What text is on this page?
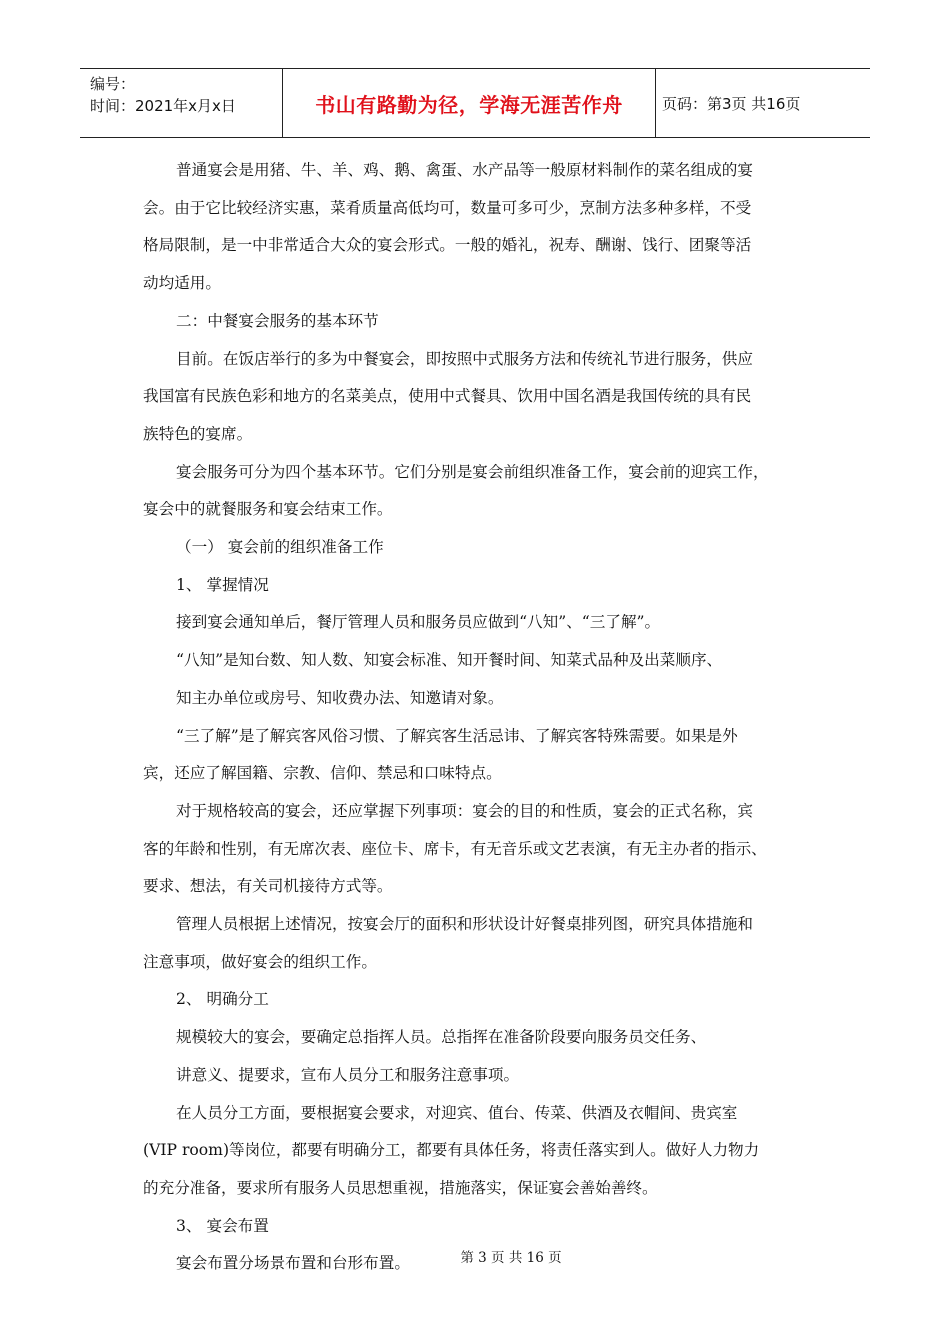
编号：
时间：2021年x月x日	书山有路勤为径，学海无涯苦作舟	页码：第3页 共16页

普通宴会是用猪、牛、羊、鸡、鹅、禽蛋、水产品等一般原材料制作的菜名组成的宴

会。由于它比较经济实惠，菜肴质量高低均可，数量可多可少，烹制方法多种多样，不受

格局限制，是一中非常适合大众的宴会形式。一般的婚礼，祝寿、酬谢、饯行、团聚等活

动均适用。

二：中餐宴会服务的基本环节

目前。在饭店举行的多为中餐宴会，即按照中式服务方法和传统礼节进行服务，供应

我国富有民族色彩和地方的名菜美点，使用中式餐具、饮用中国名酒是我国传统的具有民

族特色的宴席。

宴会服务可分为四个基本环节。它们分别是宴会前组织准备工作，宴会前的迎宾工作，

宴会中的就餐服务和宴会结束工作。

（一） 宴会前的组织准备工作

1、 掌握情况

接到宴会通知单后，餐厅管理人员和服务员应做到“八知”、“三了解”。

“八知”是知台数、知人数、知宴会标准、知开餐时间、知菜式品种及出菜顺序、

知主办单位或房号、知收费办法、知邀请对象。

“三了解”是了解宾客风俗习惯、了解宾客生活忌讳、了解宾客特殊需要。如果是外

宾，还应了解国籍、宗教、信仰、禁忌和口味特点。

对于规格较高的宴会，还应掌握下列事项：宴会的目的和性质，宴会的正式名称，宾

客的年龄和性别，有无席次表、座位卡、席卡，有无音乐或文艺表演，有无主办者的指示、

要求、想法，有关司机接待方式等。

管理人员根据上述情况，按宴会厅的面积和形状设计好餐桌排列图，研究具体措施和

注意事项，做好宴会的组织工作。

2、 明确分工

规模较大的宴会，要确定总指挥人员。总指挥在准备阶段要向服务员交任务、

讲意义、提要求，宣布人员分工和服务注意事项。

在人员分工方面，要根据宴会要求，对迎宾、值台、传菜、供酒及衣帽间、贵宾室

(VIP room)等岗位，都要有明确分工，都要有具体任务，将责任落实到人。做好人力物力

的充分准备，要求所有服务人员思想重视，措施落实，保证宴会善始善终。

3、 宴会布置

宴会布置分场景布置和台形布置。	第 3 页 共 16 页
